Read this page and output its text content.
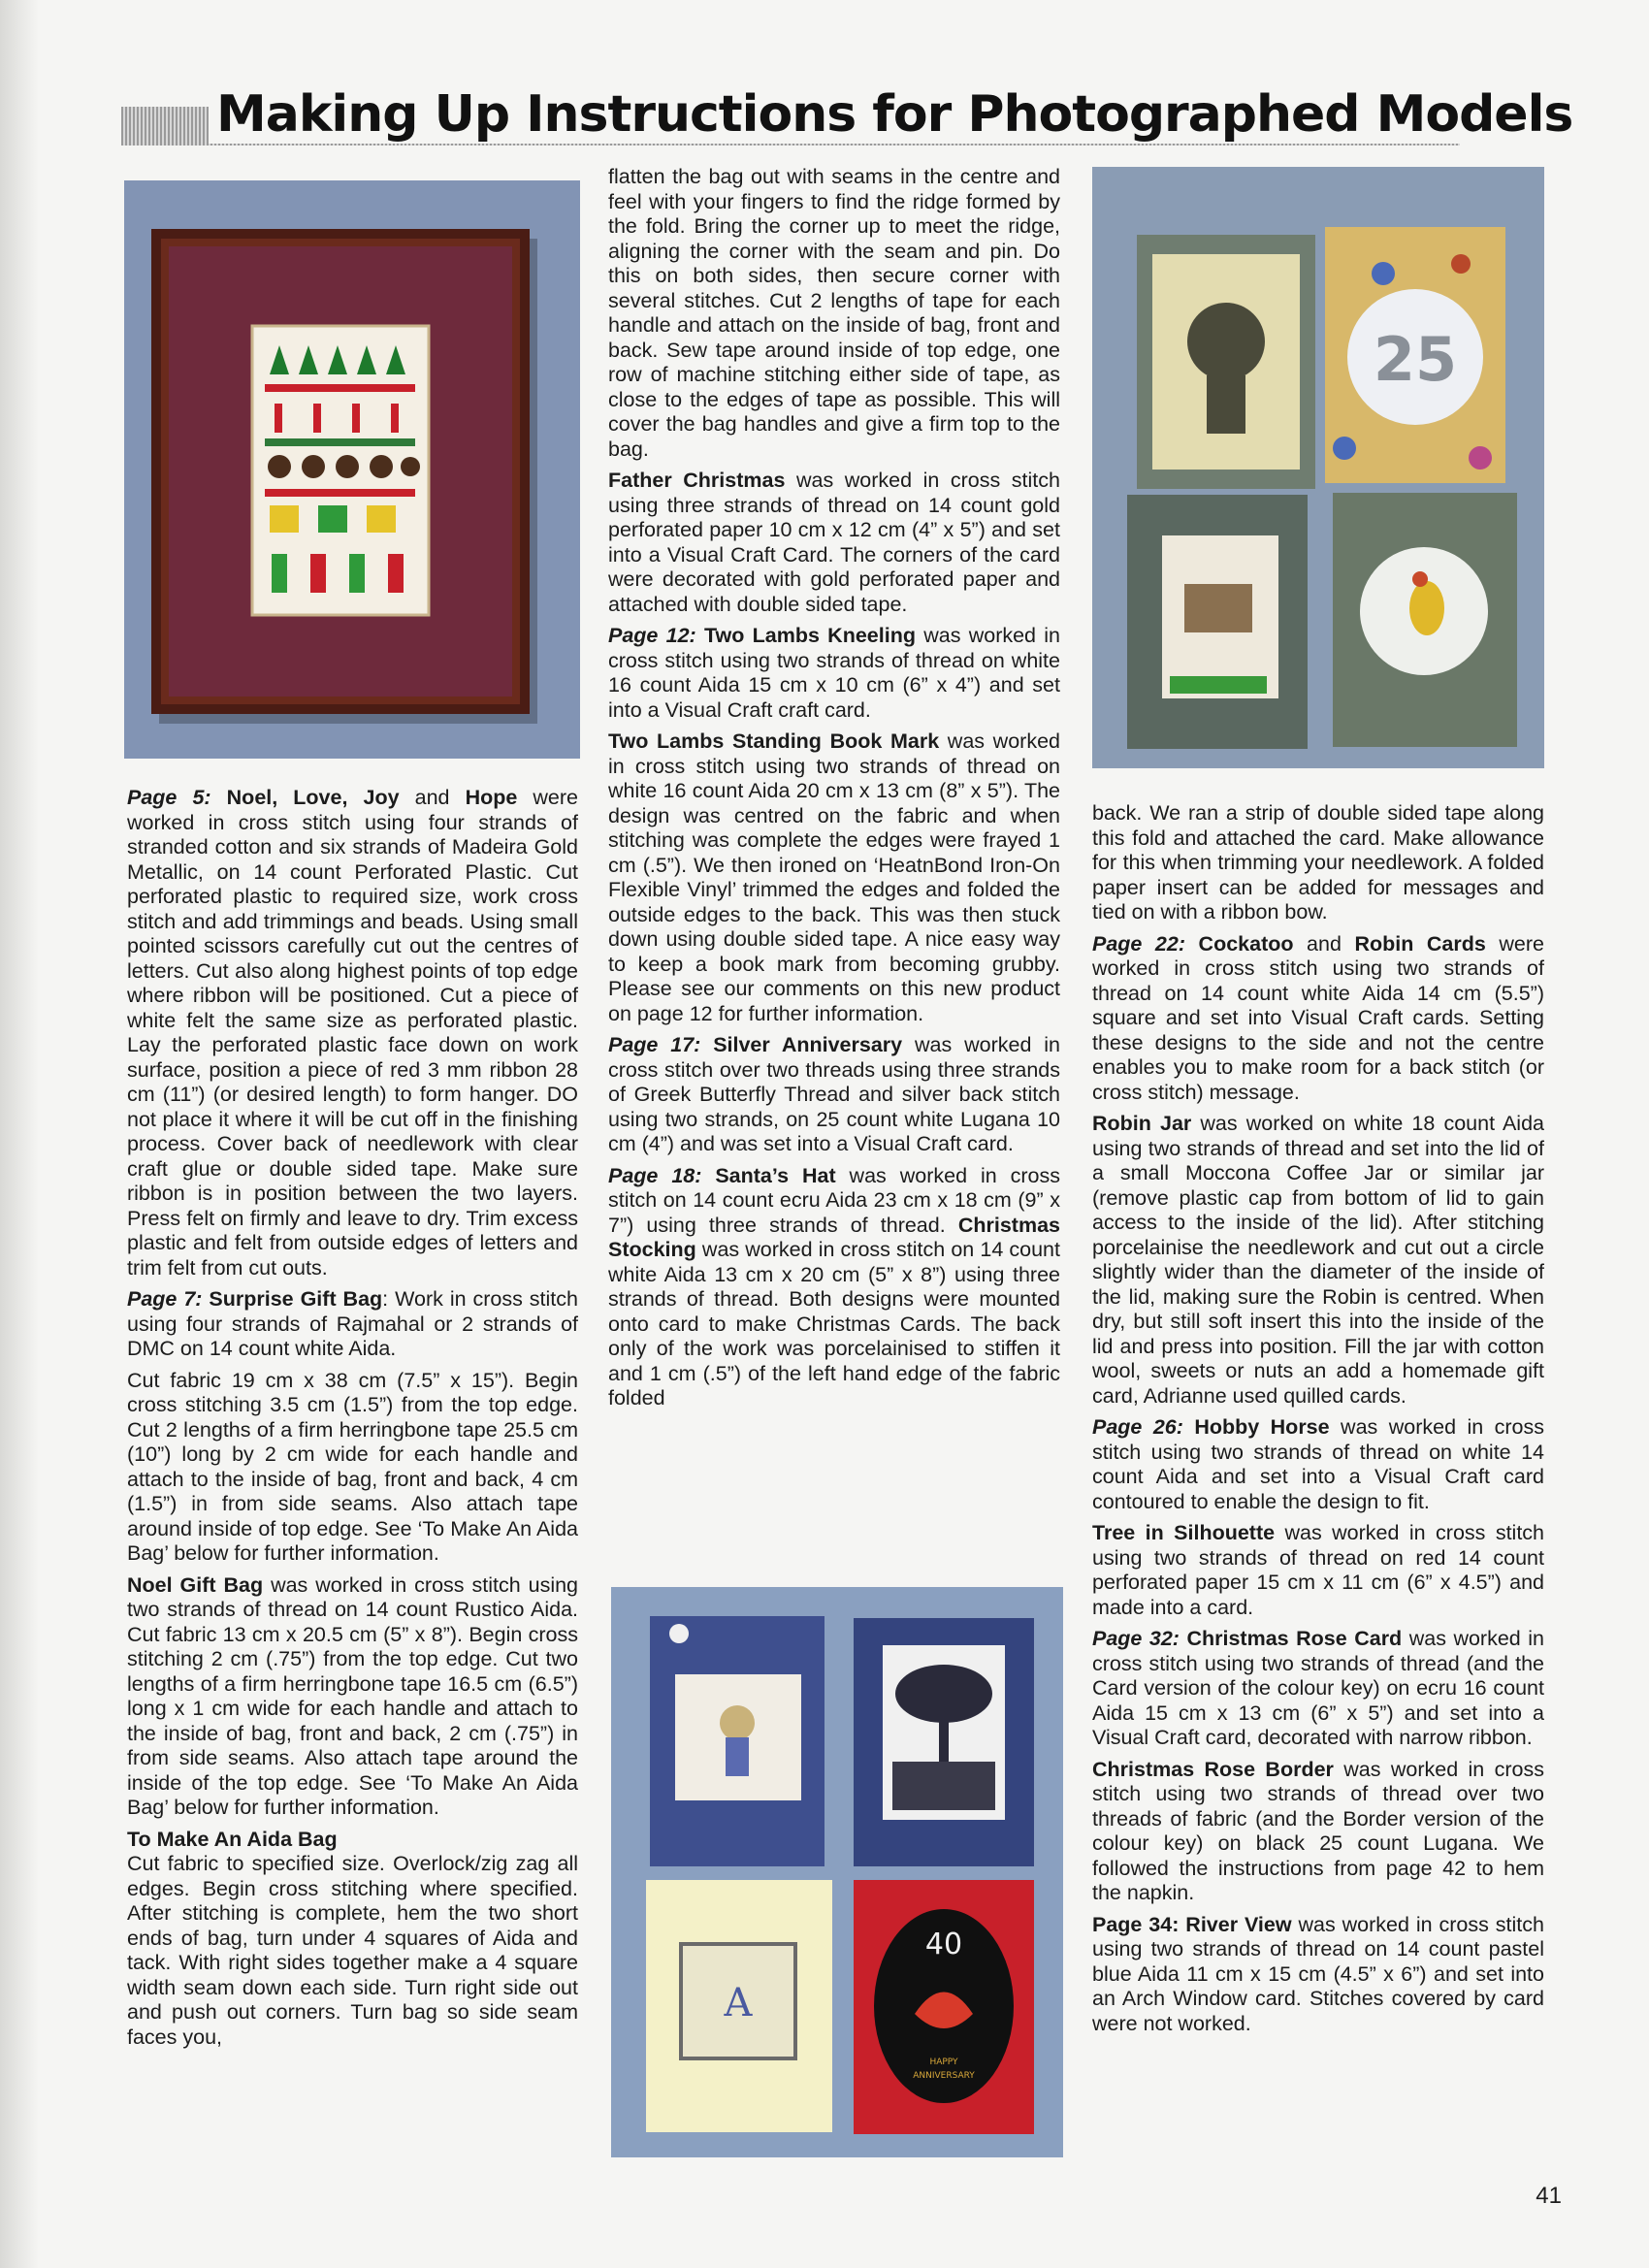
Making Up Instructions for Photographed Models
25
A
40
HAPPY
ANNIVERSARY

Page 5: Noel, Love, Joy and Hope were worked in cross stitch using four strands of stranded cotton and six strands of Madeira Gold Metallic, on 14 count Perforated Plastic. Cut perforated plastic to required size, work cross stitch and add trimmings and beads. Using small pointed scissors carefully cut out the centres of letters. Cut also along highest points of top edge where ribbon will be positioned. Cut a piece of white felt the same size as perforated plastic. Lay the perforated plastic face down on work surface, position a piece of red 3 mm ribbon 28 cm (11”) (or desired length) to form hanger. DO not place it where it will be cut off in the finishing process. Cover back of needlework with clear craft glue or double sided tape. Make sure ribbon is in position between the two layers. Press felt on firmly and leave to dry. Trim excess plastic and felt from outside edges of letters and trim felt from cut outs.

Page 7: Surprise Gift Bag: Work in cross stitch using four strands of Rajmahal or 2 strands of DMC on 14 count white Aida.

Cut fabric 19 cm x 38 cm (7.5” x 15”). Begin cross stitching 3.5 cm (1.5”) from the top edge. Cut 2 lengths of a firm herringbone tape 25.5 cm (10”) long by 2 cm wide for each handle and attach to the inside of bag, front and back, 4 cm (1.5”) in from side seams. Also attach tape around inside of top edge. See ‘To Make An Aida Bag’ below for further information.

Noel Gift Bag was worked in cross stitch using two strands of thread on 14 count Rustico Aida. Cut fabric 13 cm x 20.5 cm (5” x 8”). Begin cross stitching 2 cm (.75”) from the top edge. Cut two lengths of a firm herringbone tape 16.5 cm (6.5”) long x 1 cm wide for each handle and attach to the inside of bag, front and back, 2 cm (.75”) in from side seams. Also attach tape around the inside of the top edge. See ‘To Make An Aida Bag’ below for further information.

To Make An Aida Bag

Cut fabric to specified size. Overlock/zig zag all edges. Begin cross stitching where specified. After stitching is complete, hem the two short ends of bag, turn under 4 squares of Aida and tack. With right sides together make a 4 square width seam down each side. Turn right side out and push out corners. Turn bag so side seam faces you,

flatten the bag out with seams in the centre and feel with your fingers to find the ridge formed by the fold. Bring the corner up to meet the ridge, aligning the corner with the seam and pin. Do this on both sides, then secure corner with several stitches. Cut 2 lengths of tape for each handle and attach on the inside of bag, front and back. Sew tape around inside of top edge, one row of machine stitching either side of tape, as close to the edges of tape as possible. This will cover the bag handles and give a firm top to the bag.

Father Christmas was worked in cross stitch using three strands of thread on 14 count gold perforated paper 10 cm x 12 cm (4” x 5”) and set into a Visual Craft Card. The corners of the card were decorated with gold perforated paper and attached with double sided tape.

Page 12: Two Lambs Kneeling was worked in cross stitch using two strands of thread on white 16 count Aida 15 cm x 10 cm (6” x 4”) and set into a Visual Craft craft card.

Two Lambs Standing Book Mark was worked in cross stitch using two strands of thread on white 16 count Aida 20 cm x 13 cm (8” x 5”). The design was centred on the fabric and when stitching was complete the edges were frayed 1 cm (.5”). We then ironed on ‘HeatnBond Iron-On Flexible Vinyl’ trimmed the edges and folded the outside edges to the back. This was then stuck down using double sided tape. A nice easy way to keep a book mark from becoming grubby. Please see our comments on this new product on page 12 for further information.

Page 17: Silver Anniversary was worked in cross stitch over two threads using three strands of Greek Butterfly Thread and silver back stitch using two strands, on 25 count white Lugana 10 cm (4”) and was set into a Visual Craft card.

Page 18: Santa’s Hat was worked in cross stitch on 14 count ecru Aida 23 cm x 18 cm (9” x 7”) using three strands of thread. Christmas Stocking was worked in cross stitch on 14 count white Aida 13 cm x 20 cm (5” x 8”) using three strands of thread. Both designs were mounted onto card to make Christmas Cards. The back only of the work was porcelainised to stiffen it and 1 cm (.5”) of the left hand edge of the fabric folded

back. We ran a strip of double sided tape along this fold and attached the card. Make allowance for this when trimming your needlework. A folded paper insert can be added for messages and tied on with a ribbon bow.

Page 22: Cockatoo and Robin Cards were worked in cross stitch using two strands of thread on 14 count white Aida 14 cm (5.5”) square and set into Visual Craft cards. Setting these designs to the side and not the centre enables you to make room for a back stitch (or cross stitch) message.

Robin Jar was worked on white 18 count Aida using two strands of thread and set into the lid of a small Moccona Coffee Jar or similar jar (remove plastic cap from bottom of lid to gain access to the inside of the lid). After stitching porcelainise the needlework and cut out a circle slightly wider than the diameter of the inside of the lid, making sure the Robin is centred. When dry, but still soft insert this into the inside of the lid and press into position. Fill the jar with cotton wool, sweets or nuts an add a homemade gift card, Adrianne used quilled cards.

Page 26: Hobby Horse was worked in cross stitch using two strands of thread on white 14 count Aida and set into a Visual Craft card contoured to enable the design to fit.

Tree in Silhouette was worked in cross stitch using two strands of thread on red 14 count perforated paper 15 cm x 11 cm (6” x 4.5”) and made into a card.

Page 32: Christmas Rose Card was worked in cross stitch using two strands of thread (and the Card version of the colour key) on ecru 16 count Aida 15 cm x 13 cm (6” x 5”) and set into a Visual Craft card, decorated with narrow ribbon.

Christmas Rose Border was worked in cross stitch using two strands of thread over two threads of fabric (and the Border version of the colour key) on black 25 count Lugana. We followed the instructions from page 42 to hem the napkin.

Page 34: River View was worked in cross stitch using two strands of thread on 14 count pastel blue Aida 11 cm x 15 cm (4.5” x 6”) and set into an Arch Window card. Stitches covered by card were not worked.

41
